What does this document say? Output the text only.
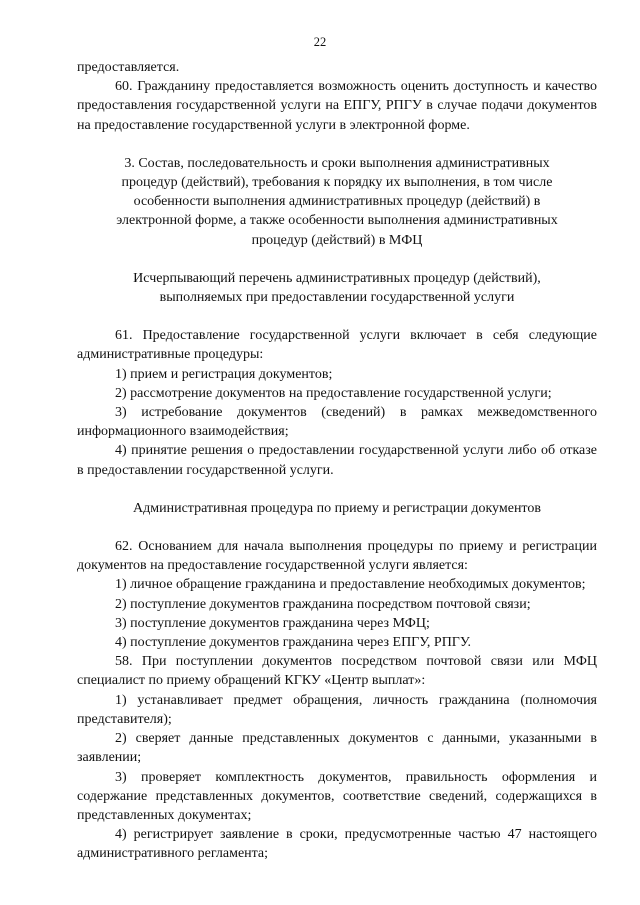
22

предоставляется.

60. Гражданину предоставляется возможность оценить доступность и качество предоставления государственной услуги на ЕПГУ, РПГУ в случае подачи документов на предоставление государственной услуги в электронной форме.

3. Состав, последовательность и сроки выполнения административных процедур (действий), требования к порядку их выполнения, в том числе особенности выполнения административных процедур (действий) в электронной форме, а также особенности выполнения административных процедур (действий) в МФЦ

Исчерпывающий перечень административных процедур (действий), выполняемых при предоставлении государственной услуги

61. Предоставление государственной услуги включает в себя следующие административные процедуры:

1) прием и регистрация документов;

2) рассмотрение документов на предоставление государственной услуги;

3) истребование документов (сведений) в рамках межведомственного информационного взаимодействия;

4) принятие решения о предоставлении государственной услуги либо об отказе в предоставлении государственной услуги.

Административная процедура по приему и регистрации документов

62. Основанием для начала выполнения процедуры по приему и регистрации документов на предоставление государственной услуги является:

1) личное обращение гражданина и предоставление необходимых документов;

2) поступление документов гражданина посредством почтовой связи;

3) поступление документов гражданина через МФЦ;

4) поступление документов гражданина через ЕПГУ, РПГУ.

58. При поступлении документов посредством почтовой связи или МФЦ специалист по приему обращений КГКУ «Центр выплат»:

1) устанавливает предмет обращения, личность гражданина (полномочия представителя);

2) сверяет данные представленных документов с данными, указанными в заявлении;

3) проверяет комплектность документов, правильность оформления и содержание представленных документов, соответствие сведений, содержащихся в представленных документах;

4) регистрирует заявление в сроки, предусмотренные частью 47 настоящего административного регламента;
